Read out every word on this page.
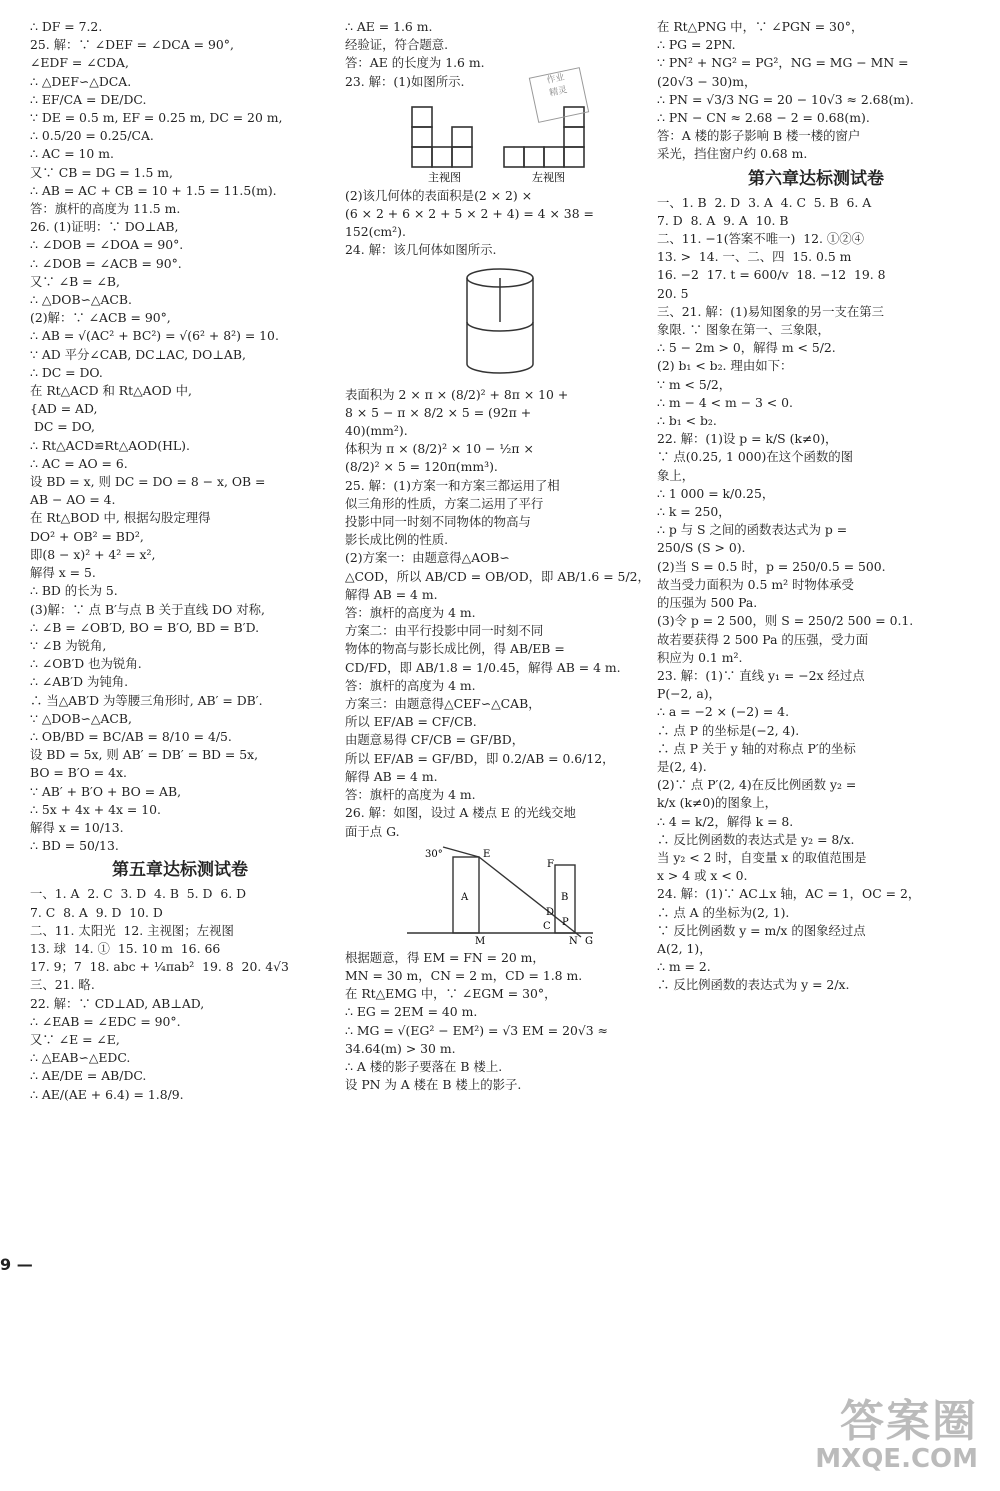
∴ DF = 7.2.
25. 解：∵ ∠DEF = ∠DCA = 90°,
∠EDF = ∠CDA,
∴ △DEF∽△DCA.
∴ EF/CA = DE/DC.
∵ DE = 0.5 m, EF = 0.25 m, DC = 20 m,
∴ 0.5/20 = 0.25/CA.
∴ AC = 10 m.
又∵ CB = DG = 1.5 m,
∴ AB = AC + CB = 10 + 1.5 = 11.5(m).
答：旗杆的高度为 11.5 m.
26. (1)证明：∵ DO⊥AB,
∴ ∠DOB = ∠DOA = 90°.
∴ ∠DOB = ∠ACB = 90°.
又∵ ∠B = ∠B,
∴ △DOB∽△ACB.
(2)解：∵ ∠ACB = 90°,
∴ AB = √(AC² + BC²) = √(6² + 8²) = 10.
∵ AD 平分∠CAB, DC⊥AC, DO⊥AB,
∴ DC = DO.
在 Rt△ACD 和 Rt△AOD 中,
{AD = AD,
DC = DO,
∴ Rt△ACD≌Rt△AOD(HL).
∴ AC = AO = 6.
设 BD = x, 则 DC = DO = 8 − x, OB =
AB − AO = 4.
在 Rt△BOD 中, 根据勾股定理得
DO² + OB² = BD²,
即(8 − x)² + 4² = x²,
解得 x = 5.
∴ BD 的长为 5.
(3)解：∵ 点 B′与点 B 关于直线 DO 对称,
∴ ∠B = ∠OB′D, BO = B′O, BD = B′D.
∵ ∠B 为锐角,
∴ ∠OB′D 也为锐角.
∴ ∠AB′D 为钝角.
∴ 当△AB′D 为等腰三角形时, AB′ = DB′.
∵ △DOB∽△ACB,
∴ OB/BD = BC/AB = 8/10 = 4/5.
设 BD = 5x, 则 AB′ = DB′ = BD = 5x,
BO = B′O = 4x.
∵ AB′ + B′O + BO = AB,
∴ 5x + 4x + 4x = 10.
解得 x = 10/13.
∴ BD = 50/13.
第五章达标测试卷
一、1. A  2. C  3. D  4. B  5. D  6. D
7. C  8. A  9. D  10. D
二、11. 太阳光  12. 主视图；左视图
13. 球  14. ①  15. 10 m  16. 66
17. 9；7  18. abc + ¼πab²  19. 8  20. 4√3
三、21. 略.
22. 解：∵ CD⊥AD, AB⊥AD,
∴ ∠EAB = ∠EDC = 90°.
又∵ ∠E = ∠E,
∴ △EAB∽△EDC.
∴ AE/DE = AB/DC.
∴ AE/(AE + 6.4) = 1.8/9.
∴ AE = 1.6 m.
经验证，符合题意.
答：AE 的长度为 1.6 m.
23. 解：(1)如图所示.
主视图	左视图
(2)该几何体的表面积是(2 × 2) ×
(6 × 2 + 6 × 2 + 5 × 2 + 4) = 4 × 38 =
152(cm²).
24. 解：该几何体如图所示.
表面积为 2 × π × (8/2)² + 8π × 10 +
8 × 5 − π × 8/2 × 5 = (92π +
40)(mm²).
体积为 π × (8/2)² × 10 − ½π ×
(8/2)² × 5 = 120π(mm³).
25. 解：(1)方案一和方案三都运用了相
似三角形的性质，方案二运用了平行
投影中同一时刻不同物体的物高与
影长成比例的性质.
(2)方案一：由题意得△AOB∽
△COD，所以 AB/CD = OB/OD，即 AB/1.6 = 5/2，
解得 AB = 4 m.
答：旗杆的高度为 4 m.
方案二：由平行投影中同一时刻不同
物体的物高与影长成比例，得 AB/EB =
CD/FD，即 AB/1.8 = 1/0.45，解得 AB = 4 m.
答：旗杆的高度为 4 m.
方案三：由题意得△CEF∽△CAB，
所以 EF/AB = CF/CB.
由题意易得 CF/CB = GF/BD，
所以 EF/AB = GF/BD，即 0.2/AB = 0.6/12，
解得 AB = 4 m.
答：旗杆的高度为 4 m.
26. 解：如图，设过 A 楼点 E 的光线交地
面于点 G.
30°	E
F
A	B
D
C P
M	N G
根据题意，得 EM = FN = 20 m，
MN = 30 m，CN = 2 m，CD = 1.8 m.
在 Rt△EMG 中，∵ ∠EGM = 30°，
∴ EG = 2EM = 40 m.
∴ MG = √(EG² − EM²) = √3 EM = 20√3 ≈
34.64(m) > 30 m.
∴ A 楼的影子要落在 B 楼上.
设 PN 为 A 楼在 B 楼上的影子.
作业
精灵
在 Rt△PNG 中，∵ ∠PGN = 30°，
∴ PG = 2PN.
∵ PN² + NG² = PG²，NG = MG − MN =
(20√3 − 30)m，
∴ PN = √3/3 NG = 20 − 10√3 ≈ 2.68(m).
∴ PN − CN ≈ 2.68 − 2 = 0.68(m).
答：A 楼的影子影响 B 楼一楼的窗户
采光，挡住窗户约 0.68 m.
第六章达标测试卷
一、1. B  2. D  3. A  4. C  5. B  6. A
7. D  8. A  9. A  10. B
二、11. −1(答案不唯一)  12. ①②④
13. >  14. 一、二、四  15. 0.5 m
16. −2  17. t = 600/v  18. −12  19. 8
20. 5
三、21. 解：(1)易知图象的另一支在第三
象限. ∵ 图象在第一、三象限，
∴ 5 − 2m > 0，解得 m < 5/2.
(2) b₁ < b₂. 理由如下：
∵ m < 5/2，
∴ m − 4 < m − 3 < 0.
∴ b₁ < b₂.
22. 解：(1)设 p = k/S (k≠0)，
∵ 点(0.25, 1 000)在这个函数的图
象上，
∴ 1 000 = k/0.25，
∴ k = 250，
∴ p 与 S 之间的函数表达式为 p =
250/S (S > 0).
(2)当 S = 0.5 时，p = 250/0.5 = 500.
故当受力面积为 0.5 m² 时物体承受
的压强为 500 Pa.
(3)令 p = 2 500，则 S = 250/2 500 = 0.1.
故若要获得 2 500 Pa 的压强，受力面
积应为 0.1 m².
23. 解：(1)∵ 直线 y₁ = −2x 经过点
P(−2, a)，
∴ a = −2 × (−2) = 4.
∴ 点 P 的坐标是(−2, 4).
∴ 点 P 关于 y 轴的对称点 P′的坐标
是(2, 4).
(2)∵ 点 P′(2, 4)在反比例函数 y₂ =
k/x (k≠0)的图象上，
∴ 4 = k/2，解得 k = 8.
∴ 反比例函数的表达式是 y₂ = 8/x.
当 y₂ < 2 时，自变量 x 的取值范围是
x > 4 或 x < 0.
24. 解：(1)∵ AC⊥x 轴，AC = 1，OC = 2，
∴ 点 A 的坐标为(2, 1).
∵ 反比例函数 y = m/x 的图象经过点
A(2, 1)，
∴ m = 2.
∴ 反比例函数的表达式为 y = 2/x.
9 —
答案圈
MXQE.COM
